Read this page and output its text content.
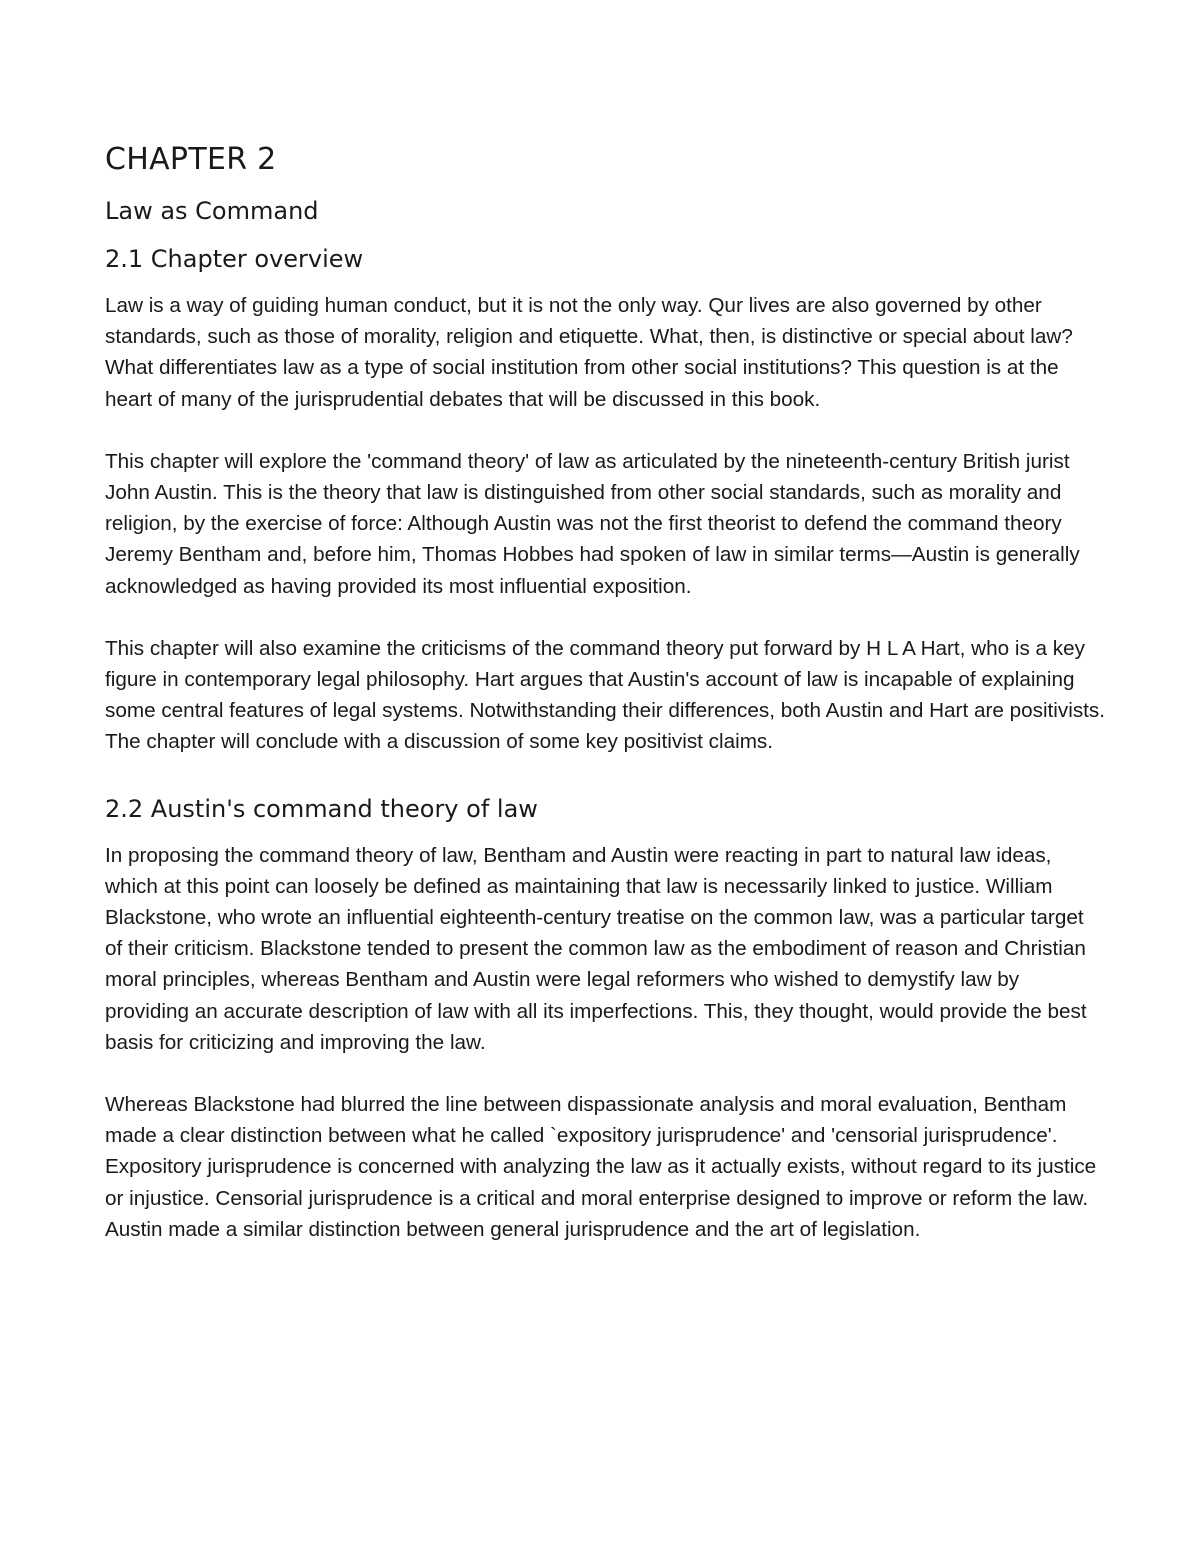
CHAPTER 2
Law as Command
2.1 Chapter overview

Law is a way of guiding human conduct, but it is not the only way. Qur lives are also governed by other standards, such as those of morality, religion and etiquette. What, then, is distinctive or special about law? What differentiates law as a type of social institution from other social institutions? This question is at the heart of many of the jurisprudential debates that will be discussed in this book.

This chapter will explore the 'command theory' of law as articulated by the nineteenth-century British jurist John Austin. This is the theory that law is distinguished from other social standards, such as morality and religion, by the exercise of force: Although Austin was not the first theorist to defend the command theory Jeremy Bentham and, before him, Thomas Hobbes had spoken of law in similar terms—Austin is generally acknowledged as having provided its most influential exposition.

This chapter will also examine the criticisms of the command theory put forward by H L A Hart, who is a key figure in contemporary legal philosophy. Hart argues that Austin's account of law is incapable of explaining some central features of legal systems. Notwithstanding their differences, both Austin and Hart are positivists. The chapter will conclude with a discussion of some key positivist claims.

2.2 Austin's command theory of law

In proposing the command theory of law, Bentham and Austin were reacting in part to natural law ideas, which at this point can loosely be defined as maintaining that law is necessarily linked to justice. William Blackstone, who wrote an influential eighteenth-century treatise on the common law, was a particular target of their criticism. Blackstone tended to present the common law as the embodiment of reason and Christian moral principles, whereas Bentham and Austin were legal reformers who wished to demystify law by providing an accurate description of law with all its imperfections. This, they thought, would provide the best basis for criticizing and improving the law.

Whereas Blackstone had blurred the line between dispassionate analysis and moral evaluation, Bentham made a clear distinction between what he called `expository jurisprudence' and 'censorial jurisprudence'. Expository jurisprudence is concerned with analyzing the law as it actually exists, without regard to its justice or injustice. Censorial jurisprudence is a critical and moral enterprise designed to improve or reform the law. Austin made a similar distinction between general jurisprudence and the art of legislation.
